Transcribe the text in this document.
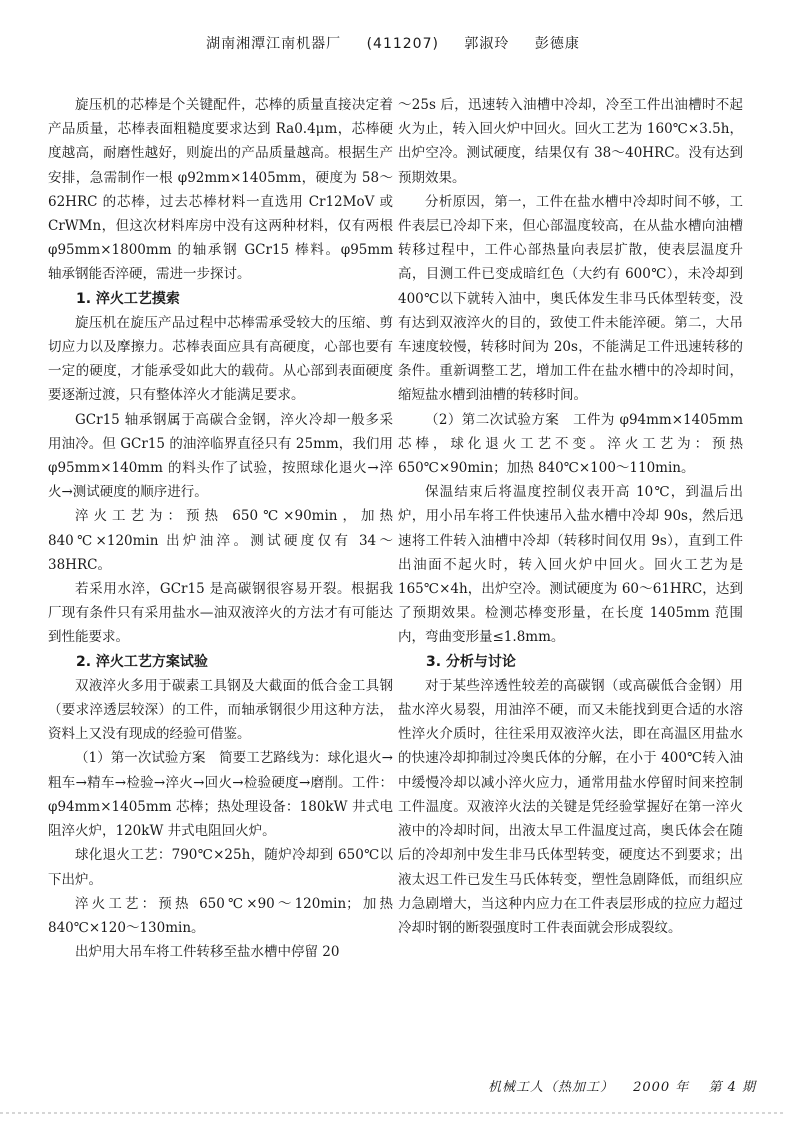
湖南湘潭江南机器厂 (411207) 郭淑玲 彭德康

旋压机的芯棒是个关键配件，芯棒的质量直接决定着产品质量，芯棒表面粗糙度要求达到 Ra0.4μm，芯棒硬度越高，耐磨性越好，则旋出的产品质量越高。根据生产安排，急需制作一根 φ92mm×1405mm，硬度为 58～62HRC 的芯棒，过去芯棒材料一直选用 Cr12MoV 或 CrWMn，但这次材料库房中没有这两种材料，仅有两根 φ95mm×1800mm 的轴承钢 GCr15 棒料。φ95mm 轴承钢能否淬硬，需进一步探讨。

1. 淬火工艺摸索

旋压机在旋压产品过程中芯棒需承受较大的压缩、剪切应力以及摩擦力。芯棒表面应具有高硬度，心部也要有一定的硬度，才能承受如此大的载荷。从心部到表面硬度要逐渐过渡，只有整体淬火才能满足要求。

GCr15 轴承钢属于高碳合金钢，淬火冷却一般多采用油冷。但 GCr15 的油淬临界直径只有 25mm，我们用 φ95mm×140mm 的料头作了试验，按照球化退火→淬火→测试硬度的顺序进行。

淬火工艺为：预热 650℃×90min，加热 840℃×120min 出炉油淬。测试硬度仅有 34～38HRC。

若采用水淬，GCr15 是高碳钢很容易开裂。根据我厂现有条件只有采用盐水—油双液淬火的方法才有可能达到性能要求。

2. 淬火工艺方案试验

双液淬火多用于碳素工具钢及大截面的低合金工具钢（要求淬透层较深）的工件，而轴承钢很少用这种方法，资料上又没有现成的经验可借鉴。

（1）第一次试验方案　简要工艺路线为：球化退火→粗车→精车→检验→淬火→回火→检验硬度→磨削。工件：φ94mm×1405mm 芯棒；热处理设备：180kW 井式电阻淬火炉，120kW 井式电阻回火炉。

球化退火工艺：790℃×25h，随炉冷却到 650℃以下出炉。

淬火工艺：预热 650℃×90～120min；加热 840℃×120～130min。

出炉用大吊车将工件转移至盐水槽中停留 20

～25s 后，迅速转入油槽中冷却，冷至工件出油槽时不起火为止，转入回火炉中回火。回火工艺为 160℃×3.5h，出炉空冷。测试硬度，结果仅有 38～40HRC。没有达到预期效果。

分析原因，第一，工件在盐水槽中冷却时间不够，工件表层已冷却下来，但心部温度较高，在从盐水槽向油槽转移过程中，工件心部热量向表层扩散，使表层温度升高，目测工件已变成暗红色（大约有 600℃），未冷却到 400℃以下就转入油中，奥氏体发生非马氏体型转变，没有达到双液淬火的目的，致使工件未能淬硬。第二，大吊车速度较慢，转移时间为 20s，不能满足工件迅速转移的条件。重新调整工艺，增加工件在盐水槽中的冷却时间，缩短盐水槽到油槽的转移时间。

（2）第二次试验方案　工件为 φ94mm×1405mm 芯棒，球化退火工艺不变。淬火工艺为：预热 650℃×90min；加热 840℃×100～110min。

保温结束后将温度控制仪表开高 10℃，到温后出炉，用小吊车将工件快速吊入盐水槽中冷却 90s，然后迅速将工件转入油槽中冷却（转移时间仅用 9s），直到工件出油面不起火时，转入回火炉中回火。回火工艺为是 165℃×4h，出炉空冷。测试硬度为 60～61HRC，达到了预期效果。检测芯棒变形量，在长度 1405mm 范围内，弯曲变形量≤1.8mm。

3. 分析与讨论

对于某些淬透性较差的高碳钢（或高碳低合金钢）用盐水淬火易裂，用油淬不硬，而又未能找到更合适的水溶性淬火介质时，往往采用双液淬火法，即在高温区用盐水的快速冷却抑制过冷奥氏体的分解，在小于 400℃转入油中缓慢冷却以减小淬火应力，通常用盐水停留时间来控制工件温度。双液淬火法的关键是凭经验掌握好在第一淬火液中的冷却时间，出液太早工件温度过高，奥氏体会在随后的冷却剂中发生非马氏体型转变，硬度达不到要求；出液太迟工件已发生马氏体转变，塑性急剧降低，而组织应力急剧增大，当这种内应力在工件表层形成的拉应力超过冷却时钢的断裂强度时工件表面就会形成裂纹。

机械工人（热加工） 2000 年 第 4 期
